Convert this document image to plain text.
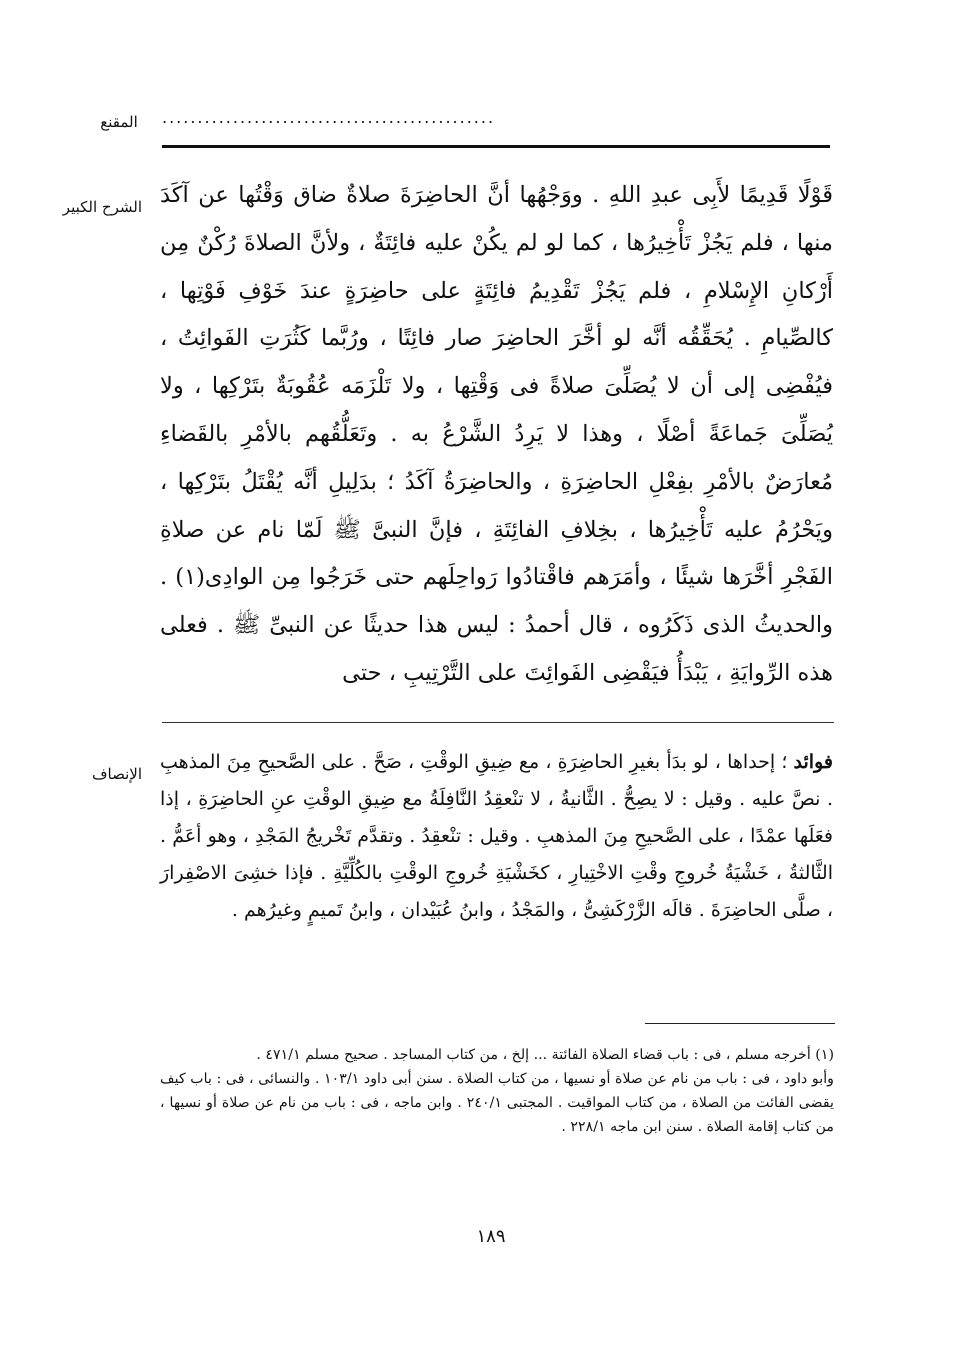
المقنع ...............................................
الشرح الكبير قَوْلًا قَدِيمًا لأَبِى عبدِ اللهِ . ووَجْهُها أنَّ الحاضِرَةَ صلاةٌ ضاق وَقْتُها عن آكَدَ منها ، فلم يَجُزْ تَأْخِيرُها ، كما لو لم يكُنْ عليه فائِتَةٌ ، ولأنَّ الصلاةَ رُكْنٌ مِن أَرْكانِ الإِسْلامِ ، فلم يَجُزْ تَقْدِيمُ فائِتَةٍ على حاضِرَةٍ عندَ خَوْفِ فَوْتِها ، كالصِّيامِ . يُحَقِّقُه أنَّه لو أخَّرَ الحاضِرَ صار فائِتًا ، ورُبَّما كَثُرَتِ الفَوائِتُ ، فيُفْضِى إلى أن لا يُصَلِّىَ صلاةً فى وَقْتِها ، ولا تَلْزَمَه عُقُوبَةٌ بتَرْكِها ، ولا يُصَلِّىَ جَماعَةً أصْلًا ، وهذا لا يَرِدُ الشَّرْعُ به . وتَعَلُّقُهم بالأمْرِ بالقَضاءِ مُعارَضٌ بالأمْرِ بفِعْلِ الحاضِرَةِ ، والحاضِرَةُ آكَدُ ؛ بدَلِيلِ أنَّه يُقْتَلُ بتَرْكِها ، ويَحْرُمُ عليه تَأْخِيرُها ، بخِلافِ الفائِتَةِ ، فإنَّ النبىَّ ﷺ لَمّا نام عن صلاةِ الفَجْرِ أخَّرَها شيئًا ، وأمَرَهم فاقْتادُوا رَواحِلَهم حتى خَرَجُوا مِن الوادِى(١) . والحديثُ الذى ذَكَرُوه ، قال أحمدُ : ليس هذا حديثًا عن النبىِّ ﷺ . فعلى هذه الرِّوايَةِ ، يَبْدَأُ فيَقْضِى الفَوائِتَ على التَّرْتِيبِ ، حتى

الإنصاف

فوائد ؛ إحداها ، لو بدَأ بغيرِ الحاضِرَةِ ، مع ضِيقِ الوقْتِ ، صَحَّ . على الصَّحيحِ مِنَ المذهبِ . نصَّ عليه . وقيل : لا يصِحُّ . الثَّانيةُ ، لا تنْعقِدُ النَّافِلَةُ مع ضِيقِ الوقْتِ عنِ الحاضِرَةِ ، إذا فعَلَها عمْدًا ، على الصَّحيحِ مِنَ المذهبِ . وقيل : تنْعقِدُ . وتقدَّم تَخْريجُ المَجْدِ ، وهو أعَمُّ . الثَّالثةُ ، خَشْيَةُ خُروجِ وقْتِ الاخْتِيارِ ، كخَشْيَةِ خُروجِ الوقْتِ بالكُلِّيَّةِ . فإذا خشِىَ الاصْفِرارَ ، صلَّى الحاضِرَةَ . قالَه الزَّرْكَشِىُّ ، والمَجْدُ ، وابنُ عُبَيْدان ، وابنُ تَميمٍ وغيرُهم .

(١) أخرجه مسلم ، فى : باب قضاء الصلاة الفائتة ... إلخ ، من كتاب المساجد . صحيح مسلم ٤٧١/١ .

وأبو داود ، فى : باب من نام عن صلاة أو نسيها ، من كتاب الصلاة . سنن أبى داود ١٠٣/١ . والنسائى ، فى : باب كيف يقضى الفائت من الصلاة ، من كتاب المواقيت . المجتبى ٢٤٠/١ . وابن ماجه ، فى : باب من نام عن صلاة أو نسيها ، من كتاب إقامة الصلاة . سنن ابن ماجه ٢٢٨/١ .

١٨٩
